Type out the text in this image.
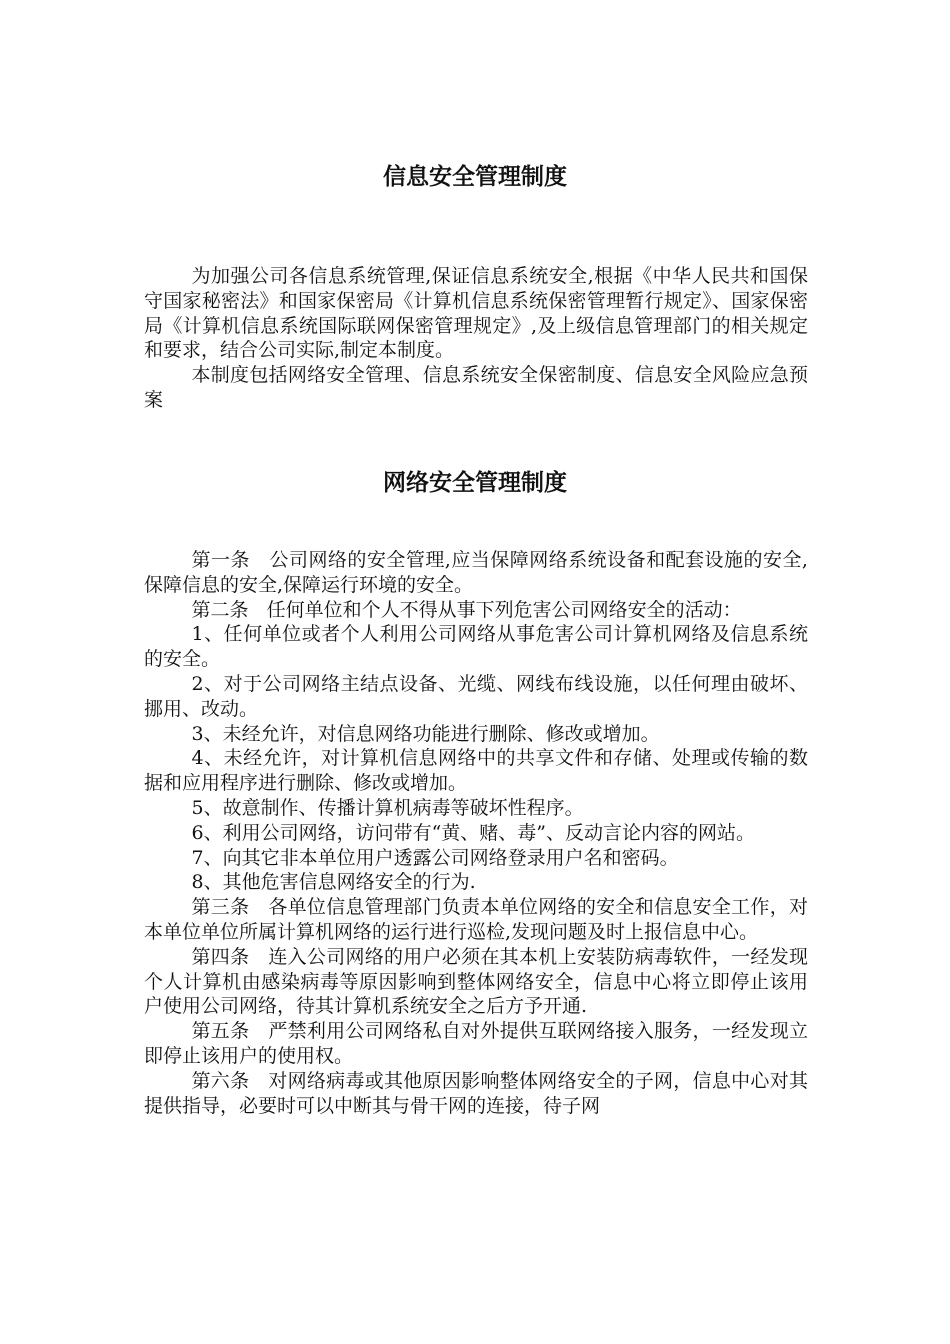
信息安全管理制度

为加强公司各信息系统管理,保证信息系统安全,根据《中华人民共和国保守国家秘密法》和国家保密局《计算机信息系统保密管理暂行规定》、国家保密局《计算机信息系统国际联网保密管理规定》,及上级信息管理部门的相关规定和要求，结合公司实际,制定本制度。

本制度包括网络安全管理、信息系统安全保密制度、信息安全风险应急预案

网络安全管理制度

第一条 公司网络的安全管理,应当保障网络系统设备和配套设施的安全,保障信息的安全,保障运行环境的安全。

第二条 任何单位和个人不得从事下列危害公司网络安全的活动：

1、任何单位或者个人利用公司网络从事危害公司计算机网络及信息系统的安全。

2、对于公司网络主结点设备、光缆、网线布线设施，以任何理由破坏、挪用、改动。

3、未经允许，对信息网络功能进行删除、修改或增加。

4、未经允许，对计算机信息网络中的共享文件和存储、处理或传输的数据和应用程序进行删除、修改或增加。

5、故意制作、传播计算机病毒等破坏性程序。

6、利用公司网络，访问带有“黄、赌、毒”、反动言论内容的网站。

7、向其它非本单位用户透露公司网络登录用户名和密码。

8、其他危害信息网络安全的行为.

第三条 各单位信息管理部门负责本单位网络的安全和信息安全工作，对本单位单位所属计算机网络的运行进行巡检,发现问题及时上报信息中心。

第四条 连入公司网络的用户必须在其本机上安装防病毒软件，一经发现个人计算机由感染病毒等原因影响到整体网络安全，信息中心将立即停止该用户使用公司网络，待其计算机系统安全之后方予开通.

第五条 严禁利用公司网络私自对外提供互联网络接入服务，一经发现立即停止该用户的使用权。

第六条 对网络病毒或其他原因影响整体网络安全的子网，信息中心对其提供指导，必要时可以中断其与骨干网的连接，待子网
